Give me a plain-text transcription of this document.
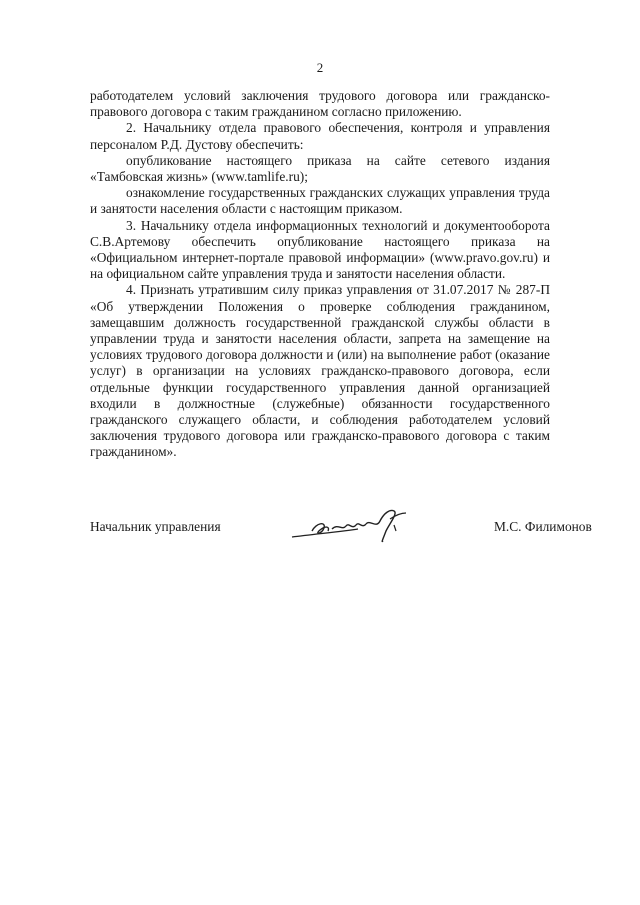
2

работодателем условий заключения трудового договора или гражданско-правового договора с таким гражданином согласно приложению.

2. Начальнику отдела правового обеспечения, контроля и управления персоналом Р.Д. Дустову обеспечить:

опубликование настоящего приказа на сайте сетевого издания «Тамбовская жизнь» (www.tamlife.ru);

ознакомление государственных гражданских служащих управления труда и занятости населения области с настоящим приказом.

3. Начальнику отдела информационных технологий и документооборота С.В.Артемову обеспечить опубликование настоящего приказа на «Официальном интернет-портале правовой информации» (www.pravo.gov.ru) и на официальном сайте управления труда и занятости населения области.

4. Признать утратившим силу приказ управления от 31.07.2017 № 287-П «Об утверждении Положения о проверке соблюдения гражданином, замещавшим должность государственной гражданской службы области в управлении труда и занятости населения области, запрета на замещение на условиях трудового договора должности и (или) на выполнение работ (оказание услуг) в организации на условиях гражданско-правового договора, если отдельные функции государственного управления данной организацией входили в должностные (служебные) обязанности государственного гражданского служащего области, и соблюдения работодателем условий заключения трудового договора или гражданско-правового договора с таким гражданином».

Начальник управления	М.С. Филимонов
